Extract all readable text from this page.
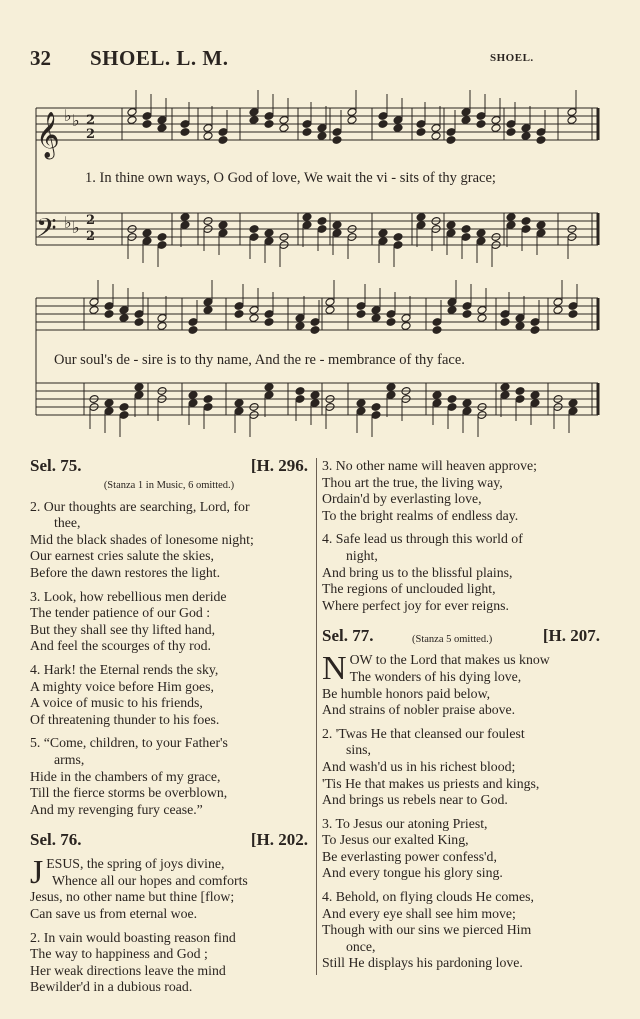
32 SHOEL. L. M.	SHOEL.
𝄞
𝄢
♭ ♭
♭ ♭
2
2
2
2
1. In thine own ways, O God of love, We wait the vi - sits of thy grace;
Our soul's de - sire is to thy name, And the re - membrance of thy face.
Sel. 75.	[H. 296.

(Stanza 1 in Music, 6 omitted.)

2. Our thoughts are searching, Lord, for

thee,

Mid the black shades of lonesome night;

Our earnest cries salute the skies,

Before the dawn restores the light.

3. Look, how rebellious men deride

The tender patience of our God :

But they shall see thy lifted hand,

And feel the scourges of thy rod.

4. Hark! the Eternal rends the sky,

A mighty voice before Him goes,

A voice of music to his friends,

Of threatening thunder to his foes.

5. “Come, children, to your Father's

arms,

Hide in the chambers of my grace,

Till the fierce storms be overblown,

And my revenging fury cease.”

Sel. 76.	[H. 202.
J ESUS, the spring of joys divine,

Whence all our hopes and comforts

Jesus, no other name but thine [flow;

Can save us from eternal woe.

2. In vain would boasting reason find

The way to happiness and God ;

Her weak directions leave the mind

Bewilder'd in a dubious road.

3. No other name will heaven approve;

Thou art the true, the living way,

Ordain'd by everlasting love,

To the bright realms of endless day.

4. Safe lead us through this world of

night,

And bring us to the blissful plains,

The regions of unclouded light,

Where perfect joy for ever reigns.

Sel. 77.	(Stanza 5 omitted.)	[H. 207.
N OW to the Lord that makes us know

The wonders of his dying love,

Be humble honors paid below,

And strains of nobler praise above.

2. 'Twas He that cleansed our foulest

sins,

And wash'd us in his richest blood;

'Tis He that makes us priests and kings,

And brings us rebels near to God.

3. To Jesus our atoning Priest,

To Jesus our exalted King,

Be everlasting power confess'd,

And every tongue his glory sing.

4. Behold, on flying clouds He comes,

And every eye shall see him move;

Though with our sins we pierced Him

once,

Still He displays his pardoning love.
